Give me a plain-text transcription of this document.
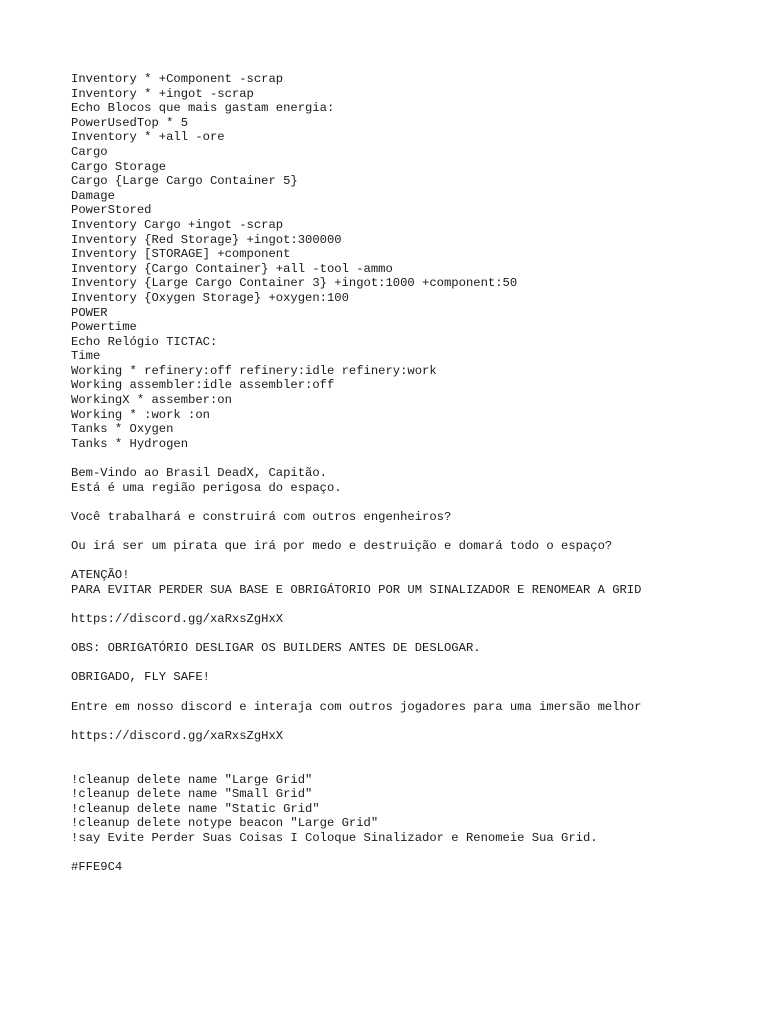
Inventory * +Component -scrap
Inventory * +ingot -scrap
Echo Blocos que mais gastam energia:
PowerUsedTop * 5
Inventory * +all -ore
Cargo
Cargo Storage
Cargo {Large Cargo Container 5}
Damage
PowerStored
Inventory Cargo +ingot -scrap
Inventory {Red Storage} +ingot:300000
Inventory [STORAGE] +component
Inventory {Cargo Container} +all -tool -ammo
Inventory {Large Cargo Container 3} +ingot:1000 +component:50
Inventory {Oxygen Storage} +oxygen:100
POWER
Powertime
Echo Relógio TICTAC:
Time
Working * refinery:off refinery:idle refinery:work
Working assembler:idle assembler:off
WorkingX * assember:on
Working * :work :on
Tanks * Oxygen
Tanks * Hydrogen
Bem-Vindo ao Brasil DeadX, Capitão.
Está é uma região perigosa do espaço.
Você trabalhará e construirá com outros engenheiros?
Ou irá ser um pirata que irá por medo e destruição e domará todo o espaço?
ATENÇÃO!
PARA EVITAR PERDER SUA BASE E OBRIGÁTORIO POR UM SINALIZADOR E RENOMEAR A GRID
https://discord.gg/xaRxsZgHxX
OBS: OBRIGATÓRIO DESLIGAR OS BUILDERS ANTES DE DESLOGAR.
OBRIGADO, FLY SAFE!
Entre em nosso discord e interaja com outros jogadores para uma imersão melhor
https://discord.gg/xaRxsZgHxX
!cleanup delete name "Large Grid"
!cleanup delete name "Small Grid"
!cleanup delete name "Static Grid"
!cleanup delete notype beacon "Large Grid"
!say Evite Perder Suas Coisas I Coloque Sinalizador e Renomeie Sua Grid.
#FFE9C4
